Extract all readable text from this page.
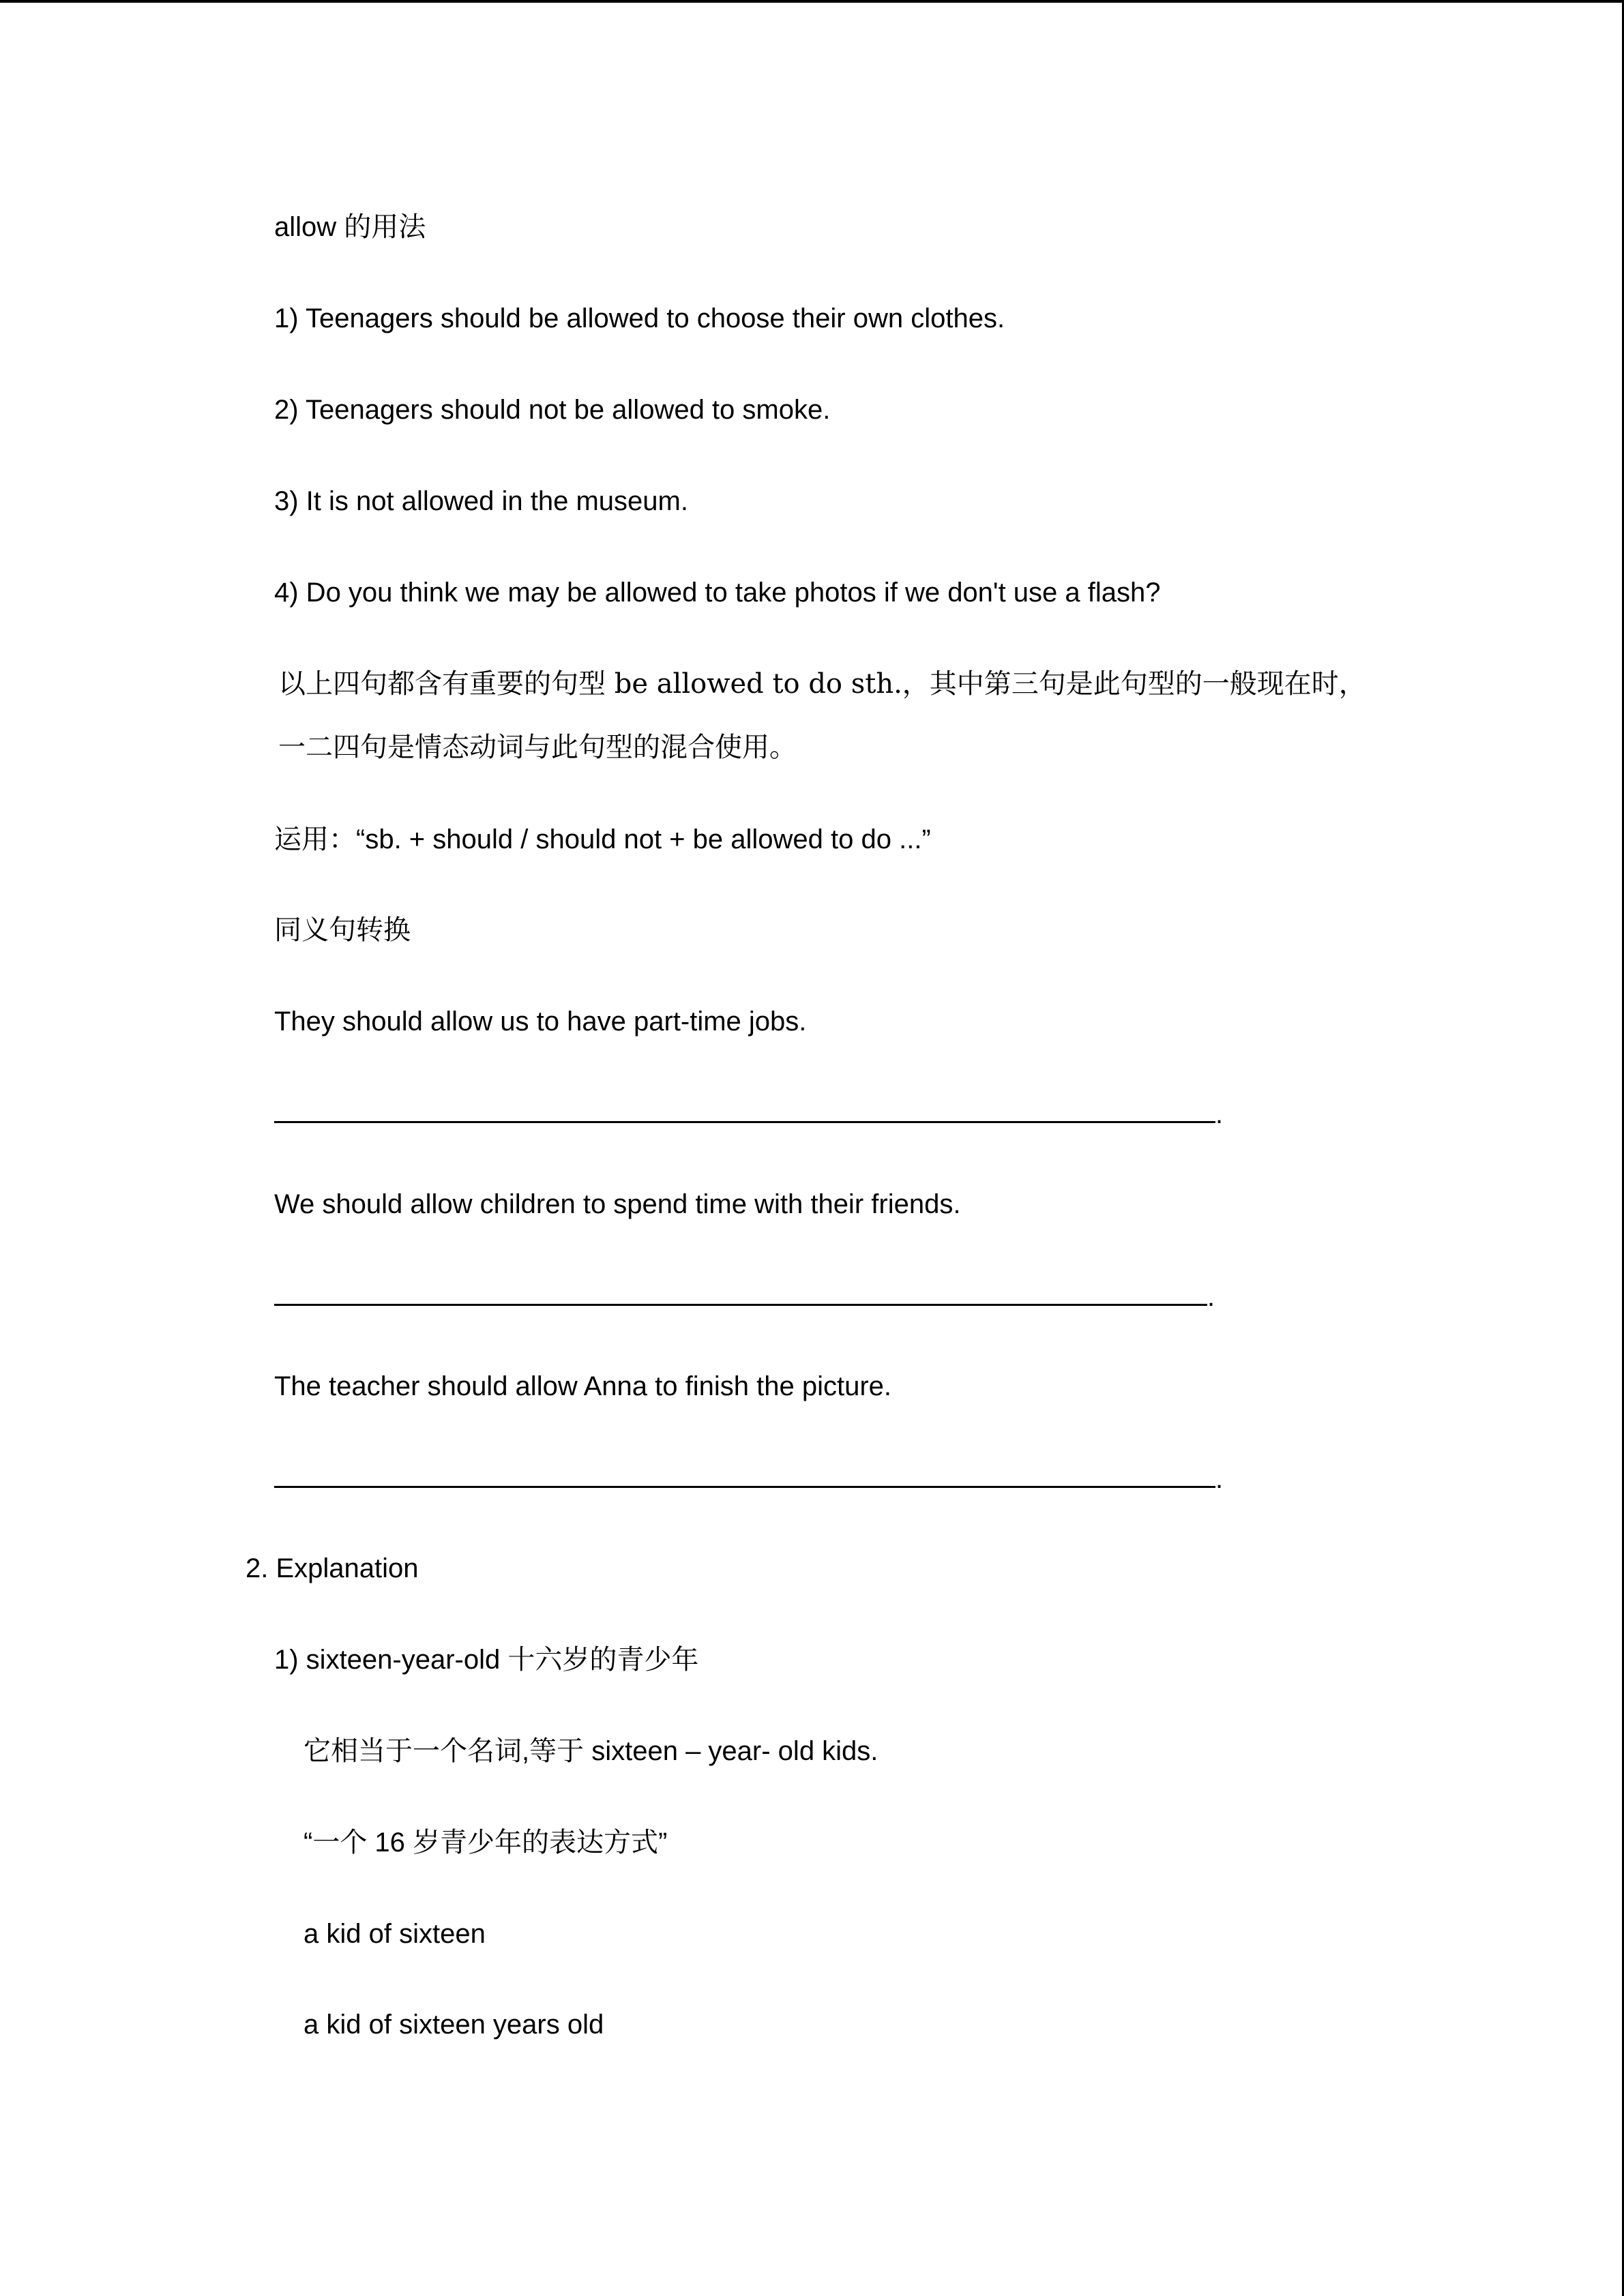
allow 的用法
1) Teenagers should be allowed to choose their own clothes.
2) Teenagers should not be allowed to smoke.
3) It is not allowed in the museum.
4) Do you think we may be allowed to take photos if we don't use a flash?
以上四句都含有重要的句型 be allowed to do sth.，其中第三句是此句型的一般现在时，
一二四句是情态动词与此句型的混合使用。
运用：“sb. + should / should not + be allowed to do ...”
同义句转换
They should allow us to have part-time jobs.
.
We should allow children to spend time with their friends.
.
The teacher should allow Anna to finish the picture.
.
2. Explanation
1) sixteen-year-old 十六岁的青少年
它相当于一个名词,等于 sixteen – year- old kids.
“一个 16 岁青少年的表达方式”
a kid of sixteen
a kid of sixteen years old
